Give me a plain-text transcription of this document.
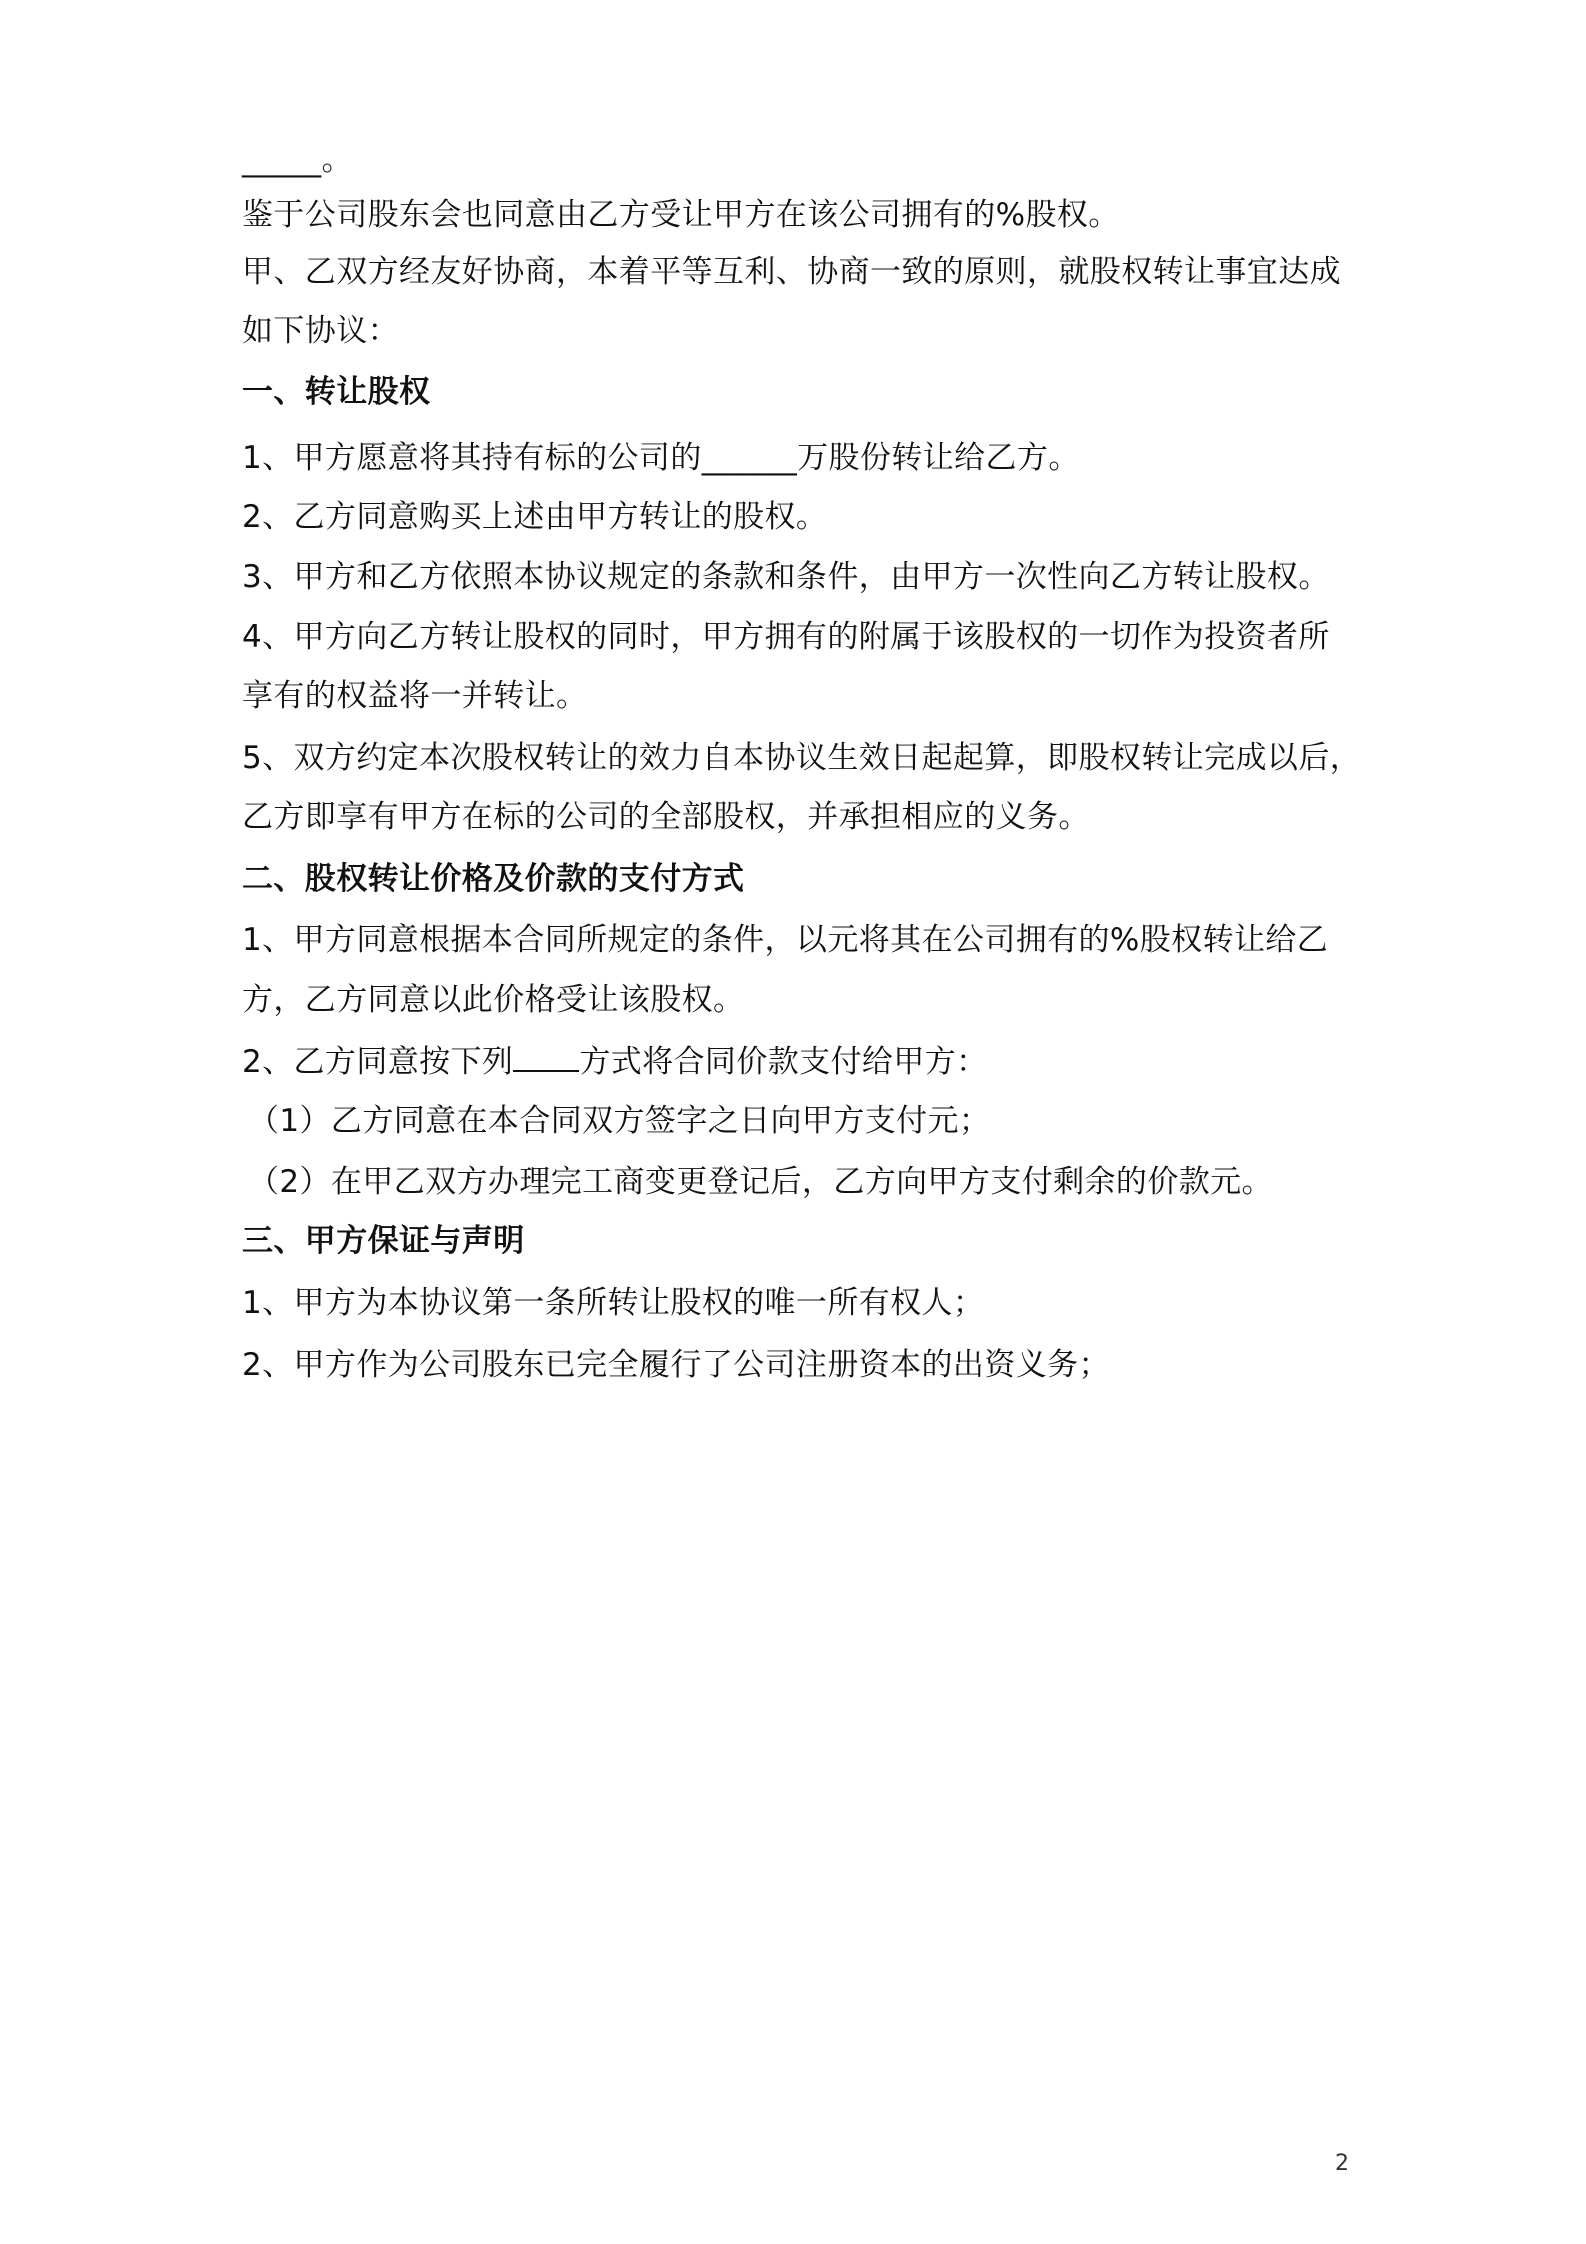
_____。
鉴于公司股东会也同意由乙方受让甲方在该公司拥有的%股权。
甲、乙双方经友好协商，本着平等互利、协商一致的原则，就股权转让事宜达成
如下协议：
一、转让股权
1、甲方愿意将其持有标的公司的______万股份转让给乙方。
2、乙方同意购买上述由甲方转让的股权。
3、甲方和乙方依照本协议规定的条款和条件，由甲方一次性向乙方转让股权。
4、甲方向乙方转让股权的同时，甲方拥有的附属于该股权的一切作为投资者所
享有的权益将一并转让。
5、双方约定本次股权转让的效力自本协议生效日起起算，即股权转让完成以后，
乙方即享有甲方在标的公司的全部股权，并承担相应的义务。
二、股权转让价格及价款的支付方式
1、甲方同意根据本合同所规定的条件，以元将其在公司拥有的%股权转让给乙
方，乙方同意以此价格受让该股权。
2、乙方同意按下列 方式将合同价款支付给甲方：
（1）乙方同意在本合同双方签字之日向甲方支付元；
（2）在甲乙双方办理完工商变更登记后，乙方向甲方支付剩余的价款元。
三、甲方保证与声明
1、甲方为本协议第一条所转让股权的唯一所有权人；
2、甲方作为公司股东已完全履行了公司注册资本的出资义务；
2
